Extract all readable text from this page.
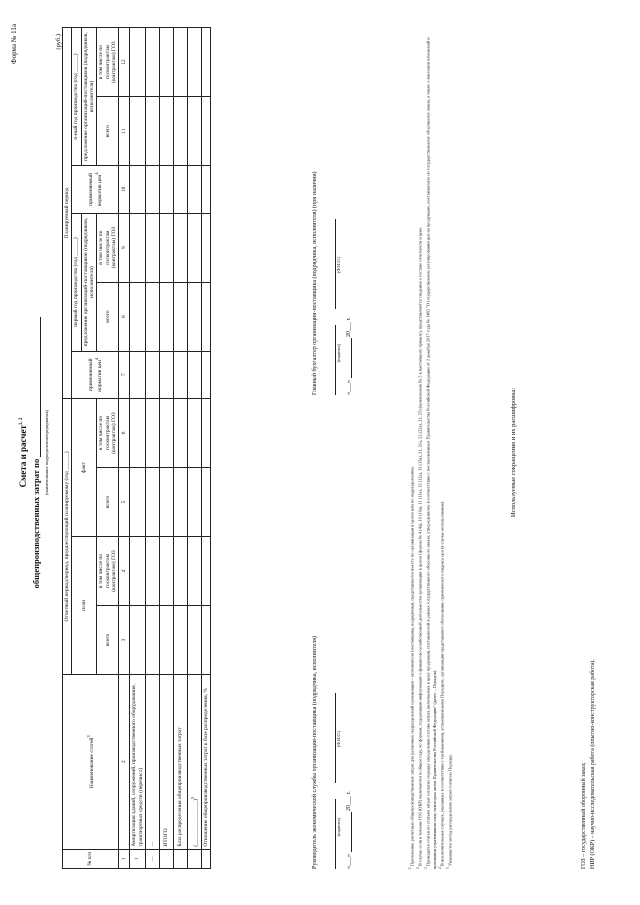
Форма № 11а
Смета и расчет$^{1, 2}$
общепроизводственных затрат по
(наименование подразделения/предприятия)
(руб.)
№ п/п	Наименование статей$^3$	Отчетный период/период, предшествующий планируемому (год ______)				Планируемый период					
		план		факт		применяемый норматив цен$^4$	первый год производства (год ______)		применяемый норматив цен$^4$	n-ный год производства (год ______)	
							предложение организаций-поставщиков (подрядчиков, исполнителя)			предложение организаций-поставщиков (подрядчиков, исполнителя)	
		всего	в том числе по госконтрактам (контрактам) ГОЗ	всего	в том числе по госконтрактам (контрактам) ГОЗ		всего	в том числе по госконтрактам (контрактам) ГОЗ		всего	в том числе по госконтрактам (контрактам) ГОЗ
1	2	3	4	5	6	7	8	9	10	11	12
1	Амортизация зданий, сооружений, производственного оборудования, транспортных средств (перечисл)										
…	…										
	ИТОГО										
	База распределения общепроизводственных затрат										
	(________________)$^5$										
	Отношение общепроизводственных затрат к базе распределения, %											Руководитель экономической службы организации-поставщика (подрядчика, исполнителя)
	(подпись) (Ф.И.О.)
«___»  20___ г.
Главный бухгалтер организации-поставщика (подрядчика, исполнителя) (при наличии)
	(подпись) (Ф.И.О.)
«___»  20___ г.
$^1$ Приложение расчетных общепроизводственных затрат для различных подразделений организации – исполнителя (поставщика, подрядчика), представляется вместе по организации в целом или по подразделениям.
$^2$ В случае если в течение ГОЗ (ОКР) включаются в общем году, по формам, содержащим информацию о финансово-хозяйственной деятельности организации в целом (формы № 4 (4а), 10 (10а), 11 (11а), 12 (12а), 13 (13а), 21, 21а, 22 (22а), 23, 25) (приложения № 5 к настоящему приказу), представляются сведения о составе отчетности и цене.
$^3$ Приводятся статьи по статьям затрат согласно порядку определения состава затрат, включаемых в цену продукции, поставляемой в рамках государственного оборонного заказа, утвержденному в соответствии с постановлением Правительства Российской Федерации от 2 декабря 2017 года № 1465 "О государственном регулировании цен на продукцию, поставляемую по государственному оборонному заказу, а также о внесении изменений и признании утратившими силу некоторых актов Правительства Российской Федерации" (далее – Порядок). $^4$ В исключительных случаях, указанных в соответствии с требованиями, установленными Порядком, организации представляют обоснование применяемого индекса цен (в случае использования).
$^5$ Указывается метод распределения затрат согласно Порядку.
Используемые сокращения и их расшифровка:
ГОЗ – государственный оборонный заказ; НИР (ОКР) – научно-исследовательская работа (опытно-конструкторская работа).
